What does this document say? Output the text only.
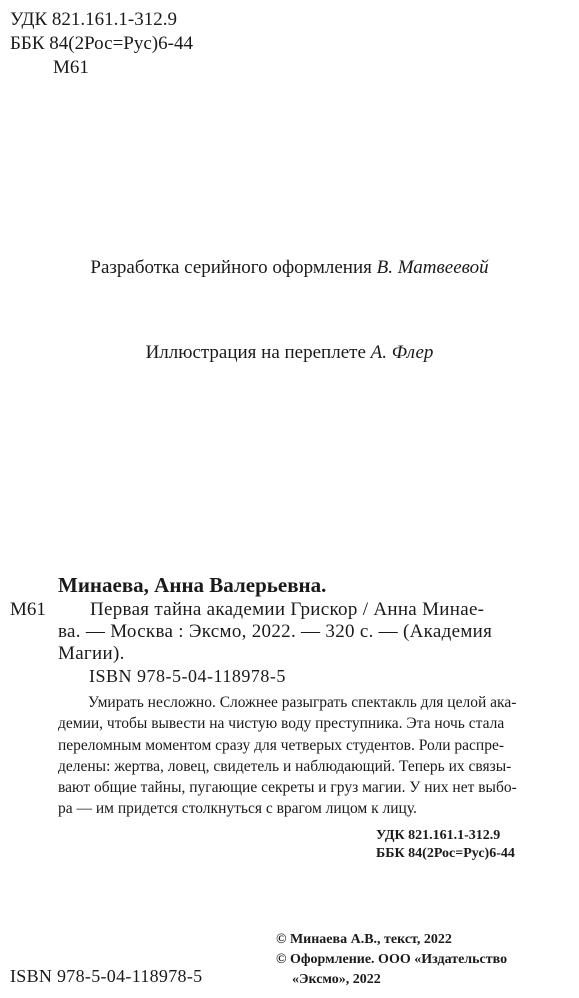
УДК 821.161.1-312.9
ББК 84(2Рос=Рус)6-44
М61
Разработка серийного оформления В. Матвеевой
Иллюстрация на переплете А. Флер
Минаева, Анна Валерьевна.
М61 Первая тайна академии Грискор / Анна Минае-
ва. — Москва : Эксмо, 2022. — 320 с. — (Академия
Магии).
ISBN 978-5-04-118978-5
Умирать несложно. Сложнее разыграть спектакль для целой ака-
демии, чтобы вывести на чистую воду преступника. Эта ночь стала
переломным моментом сразу для четверых студентов. Роли распре-
делены: жертва, ловец, свидетель и наблюдающий. Теперь их связы-
вают общие тайны, пугающие секреты и груз магии. У них нет выбо-
ра — им придется столкнуться с врагом лицом к лицу.
УДК 821.161.1-312.9
ББК 84(2Рос=Рус)6-44
© Минаева А.В., текст, 2022
© Оформление. ООО «Издательство
«Эксмо», 2022
ISBN 978-5-04-118978-5
